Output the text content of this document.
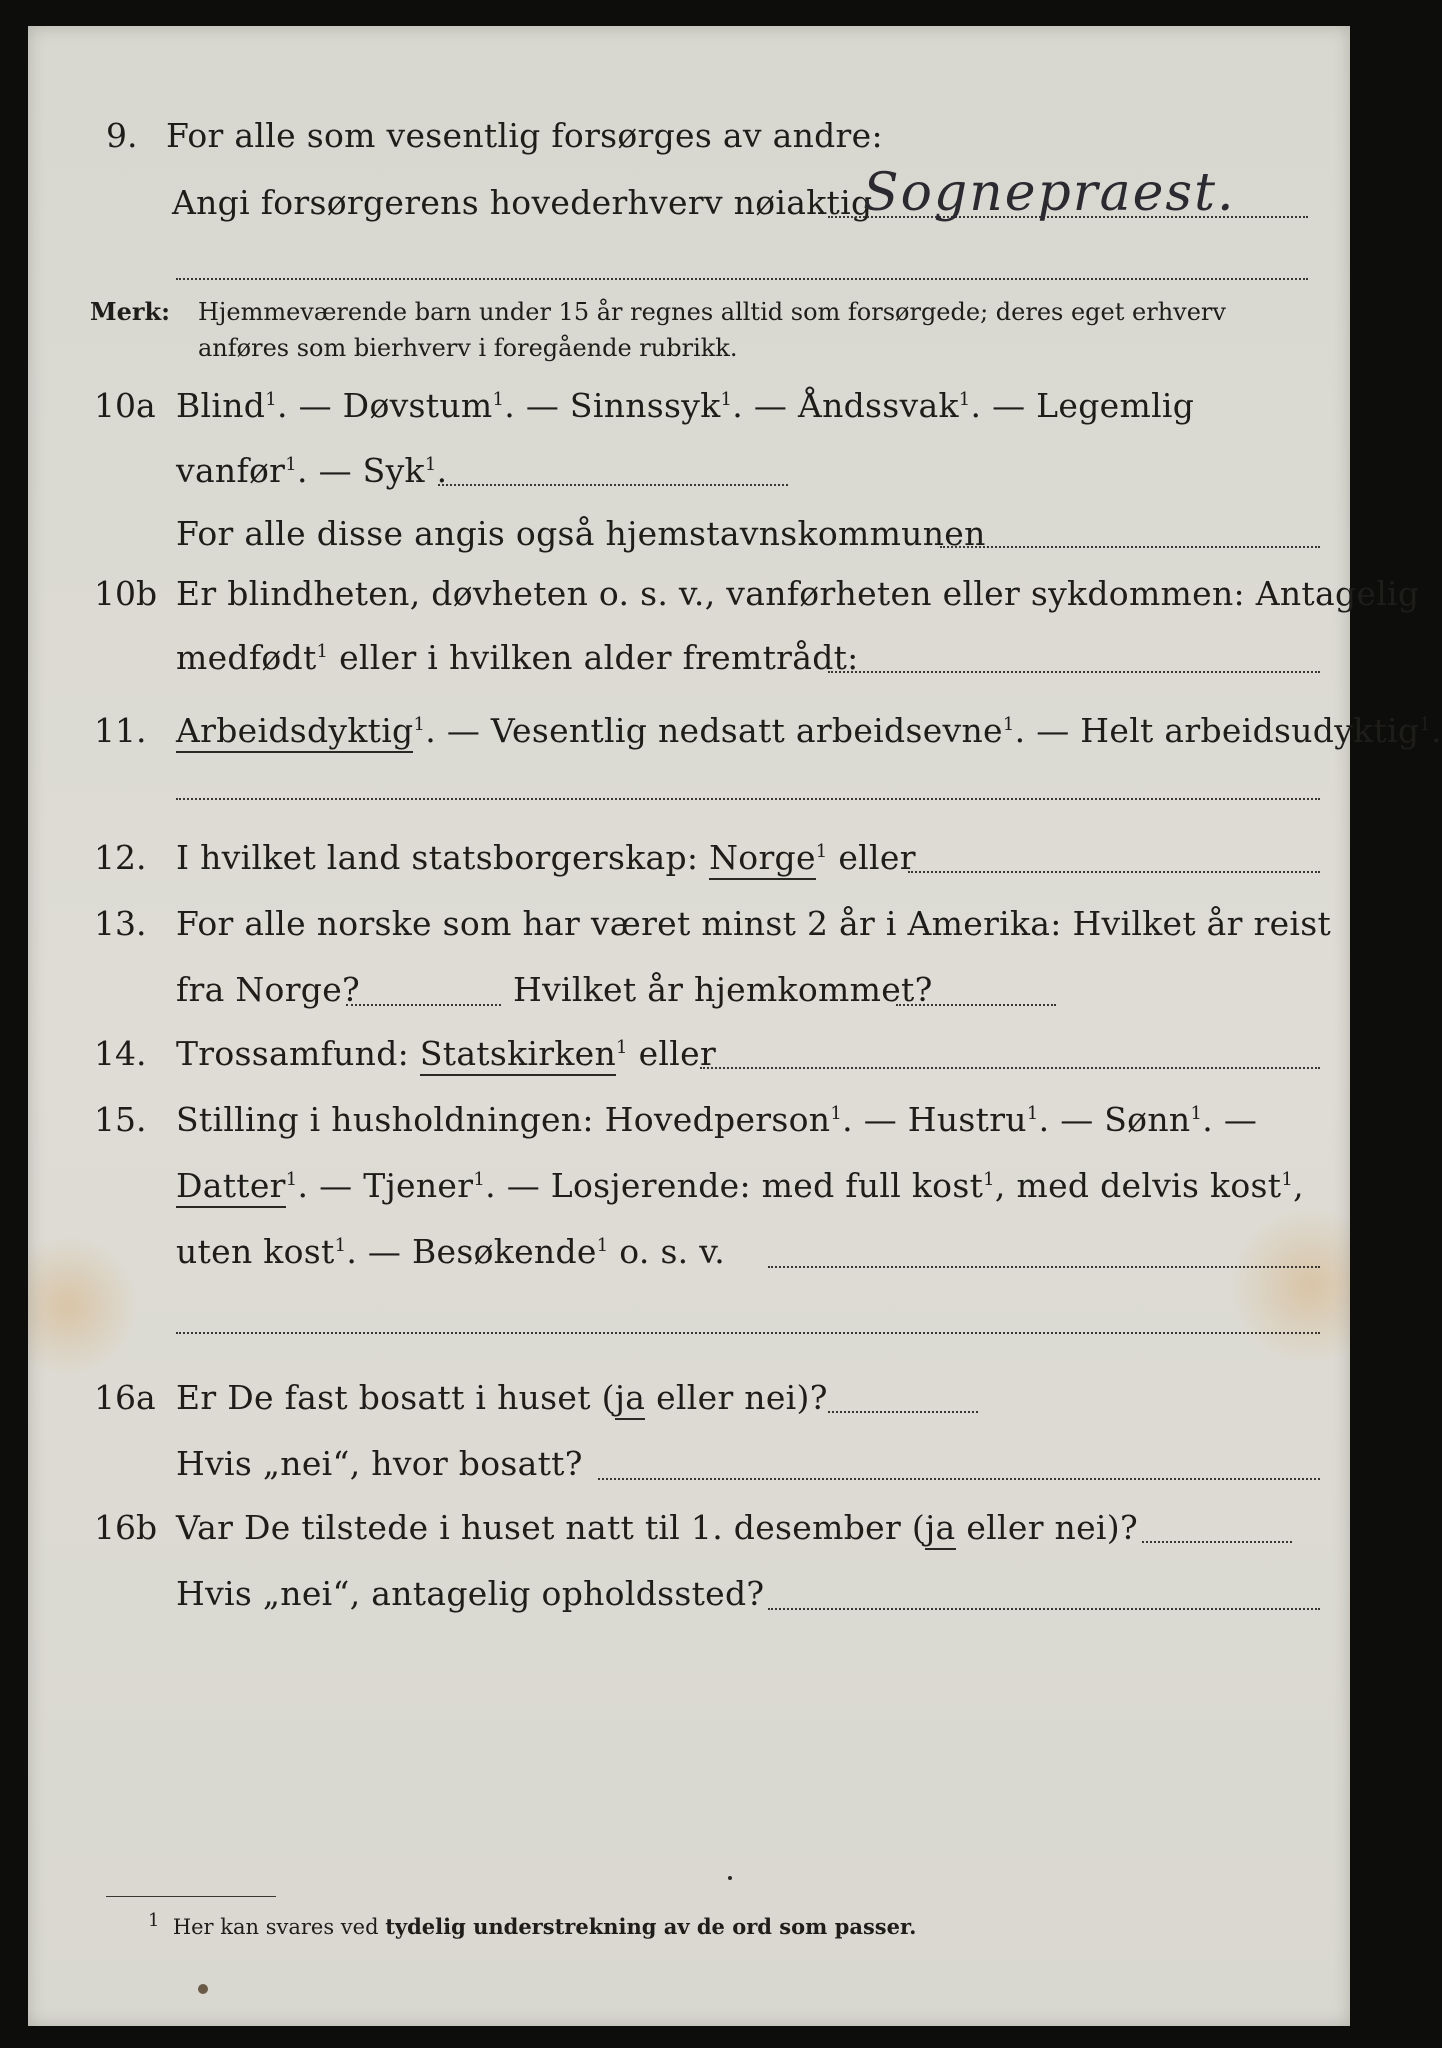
9. For alle som vesentlig forsørges av andre:
Angi forsørgerens hovederhverv nøiaktig
Sognepraest.
Merk: Hjemmeværende barn under 15 år regnes alltid som forsørgede; deres eget erhverv
anføres som bierhverv i foregående rubrikk.
10a Blind$^1$. — Døvstum$^1$. — Sinnssyk$^1$. — Åndssvak$^1$. — Legemlig
vanfør$^1$. — Syk$^1$.
For alle disse angis også hjemstavnskommunen
10b Er blindheten, døvheten o. s. v., vanførheten eller sykdommen: Antagelig
medfødt$^1$ eller i hvilken alder fremtrådt:
11. Arbeidsdyktig$^1$. — Vesentlig nedsatt arbeidsevne$^1$. — Helt arbeidsudyktig$^1$.
12. I hvilket land statsborgerskap: Norge$^1$ eller
13. For alle norske som har været minst 2 år i Amerika: Hvilket år reist
fra Norge?	Hvilket år hjemkommet?
14. Trossamfund: Statskirken$^1$ eller
15. Stilling i husholdningen: Hovedperson$^1$. — Hustru$^1$. — Sønn$^1$. —
Datter$^1$. — Tjener$^1$. — Losjerende: med full kost$^1$, med delvis kost$^1$,
uten kost$^1$. — Besøkende$^1$ o. s. v.
16a Er De fast bosatt i huset (ja eller nei)?
Hvis „nei“, hvor bosatt?
16b Var De tilstede i huset natt til 1. desember (ja eller nei)?
Hvis „nei“, antagelig opholdssted?
1 Her kan svares ved tydelig understrekning av de ord som passer.
